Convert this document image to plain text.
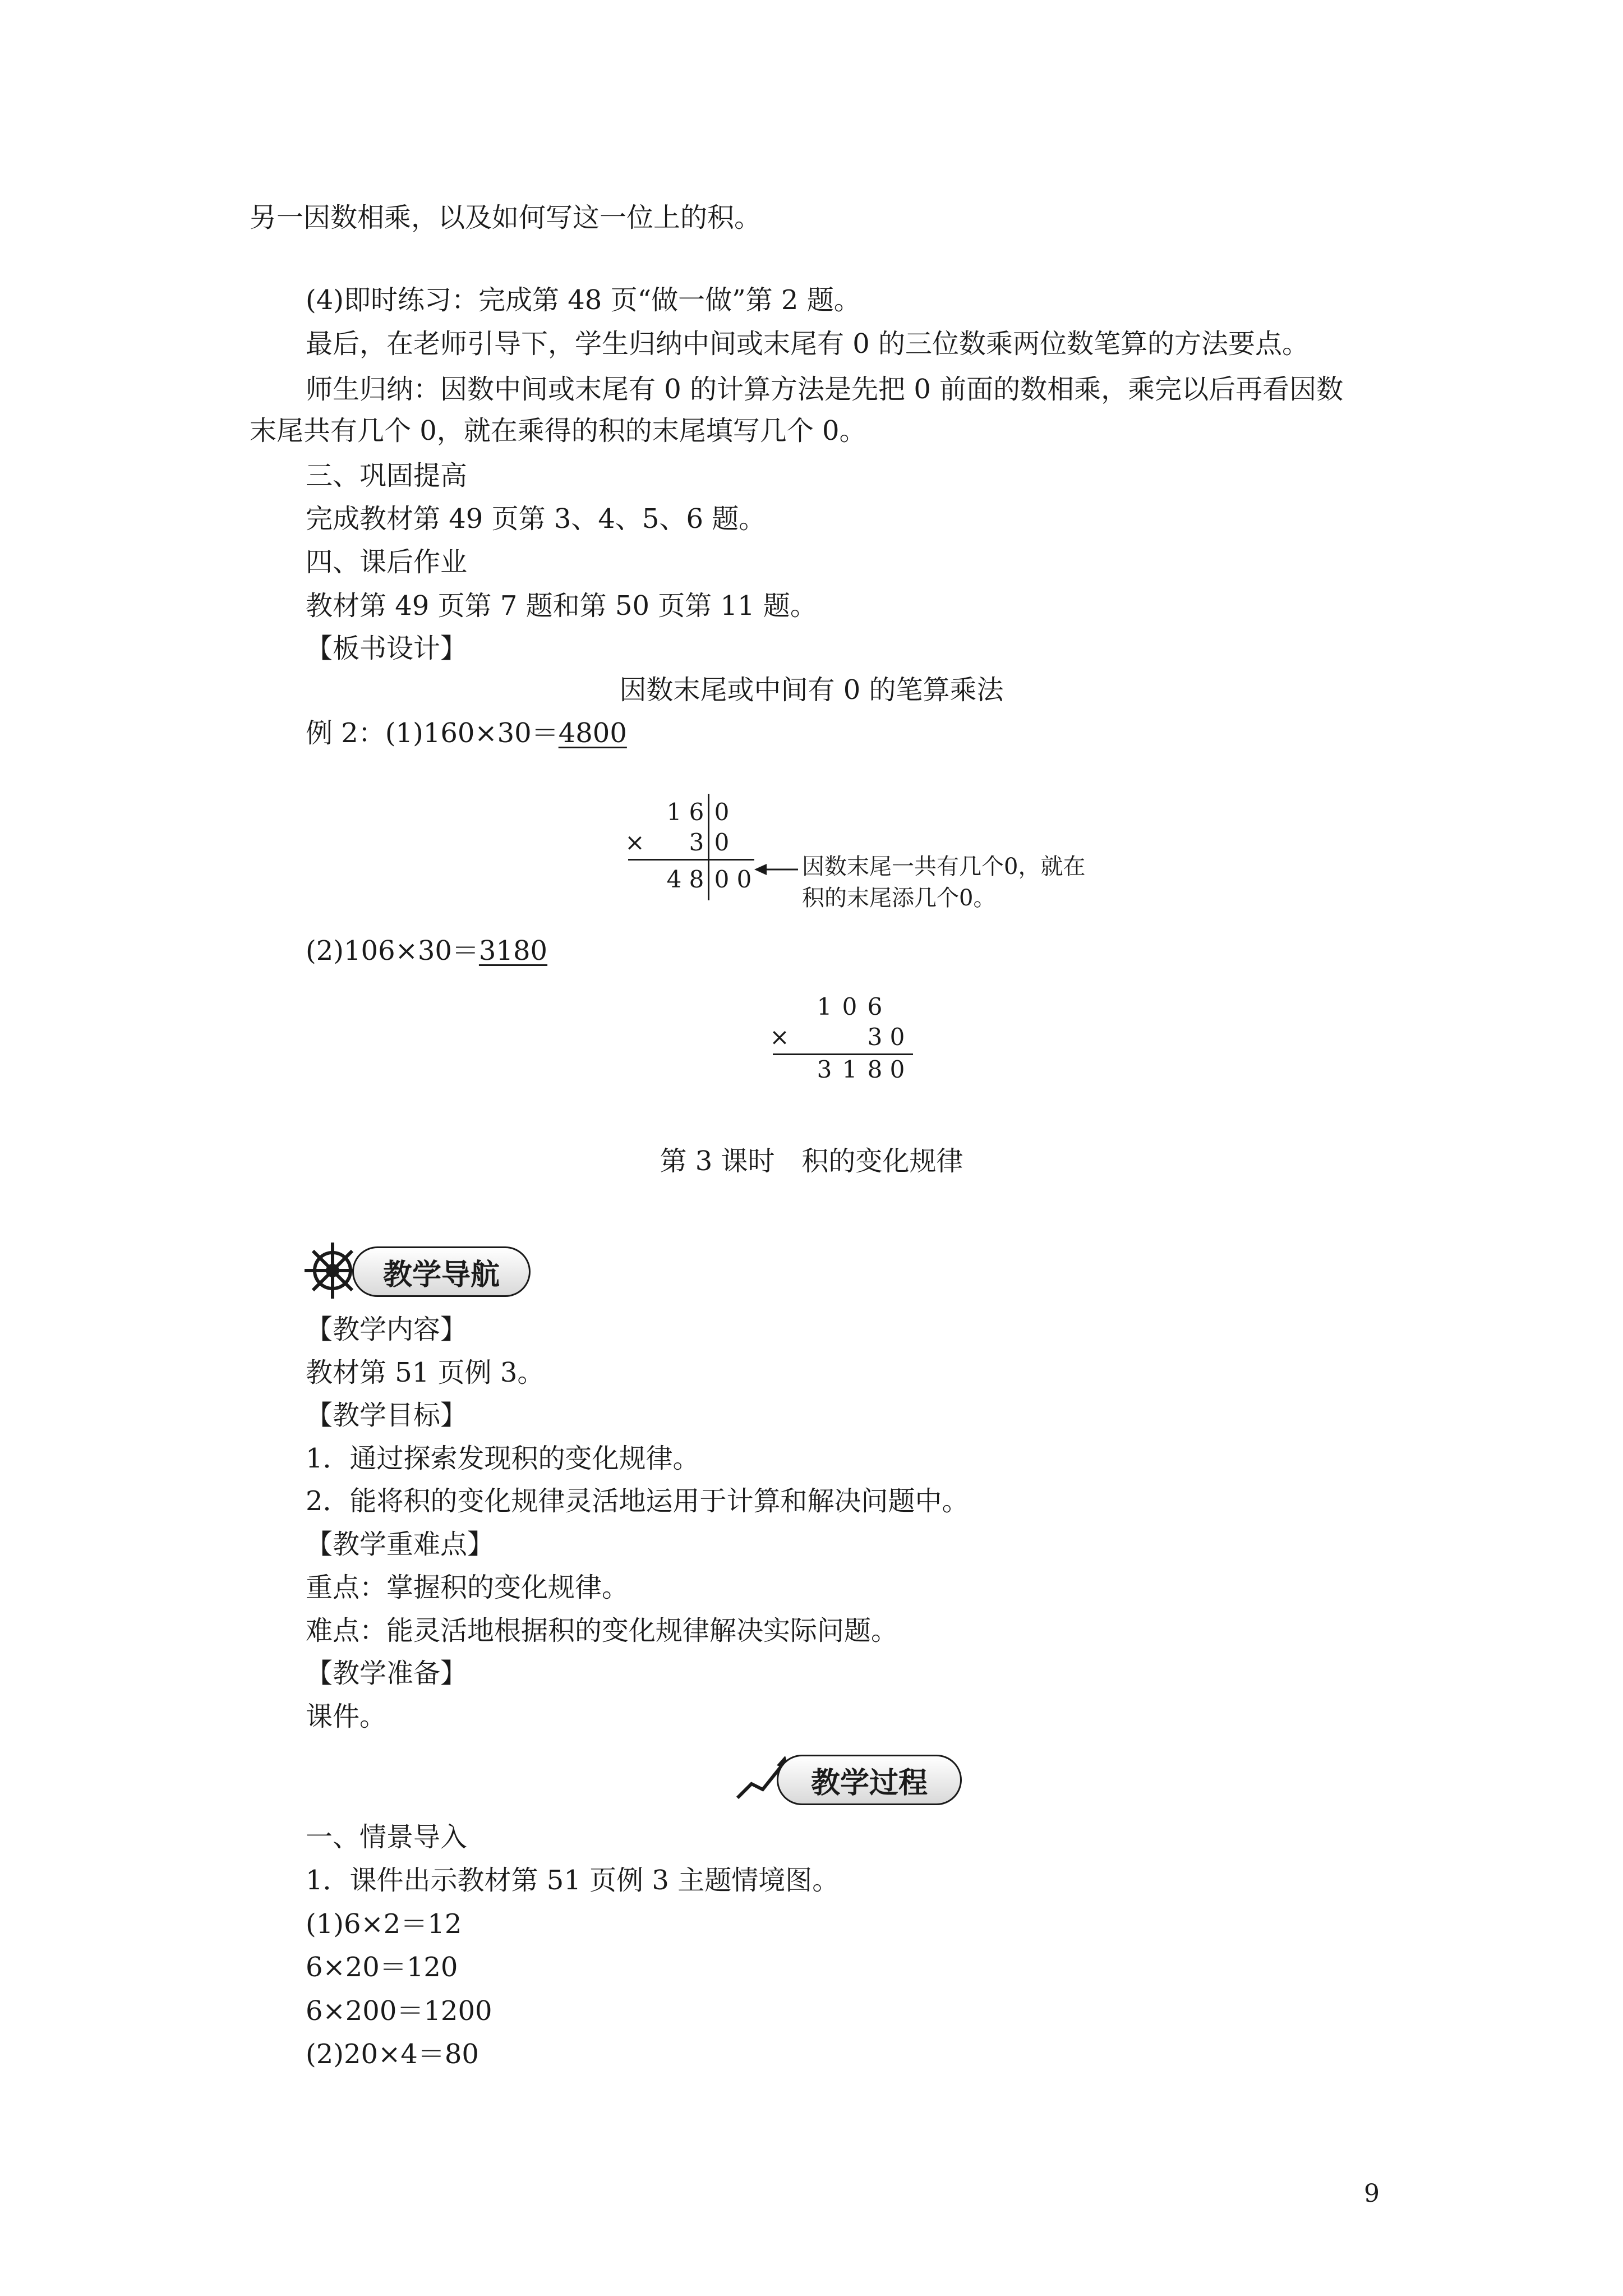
另一因数相乘，以及如何写这一位上的积。
(4)即时练习：完成第 48 页“做一做”第 2 题。
最后，在老师引导下，学生归纳中间或末尾有 0 的三位数乘两位数笔算的方法要点。
师生归纳：因数中间或末尾有 0 的计算方法是先把 0 前面的数相乘，乘完以后再看因数
末尾共有几个 0，就在乘得的积的末尾填写几个 0。
三、巩固提高
完成教材第 49 页第 3、4、5、6 题。
四、课后作业
教材第 49 页第 7 题和第 50 页第 11 题。
【板书设计】
因数末尾或中间有 0 的笔算乘法
例 2：(1)160×30＝4800
1 6 0
× 3 0
4 8 0 0 因数末尾一共有几个0，就在
积的末尾添几个0。
(2)106×30＝3180
1 0 6
×	3 0
3 1 8 0
第 3 课时　积的变化规律
教学导航
【教学内容】
教材第 51 页例 3。
【教学目标】
1．通过探索发现积的变化规律。
2．能将积的变化规律灵活地运用于计算和解决问题中。
【教学重难点】
重点：掌握积的变化规律。
难点：能灵活地根据积的变化规律解决实际问题。
【教学准备】
课件。
教学过程
一、情景导入
1．课件出示教材第 51 页例 3 主题情境图。
(1)6×2＝12
6×20＝120
6×200＝1200
(2)20×4＝80
9
